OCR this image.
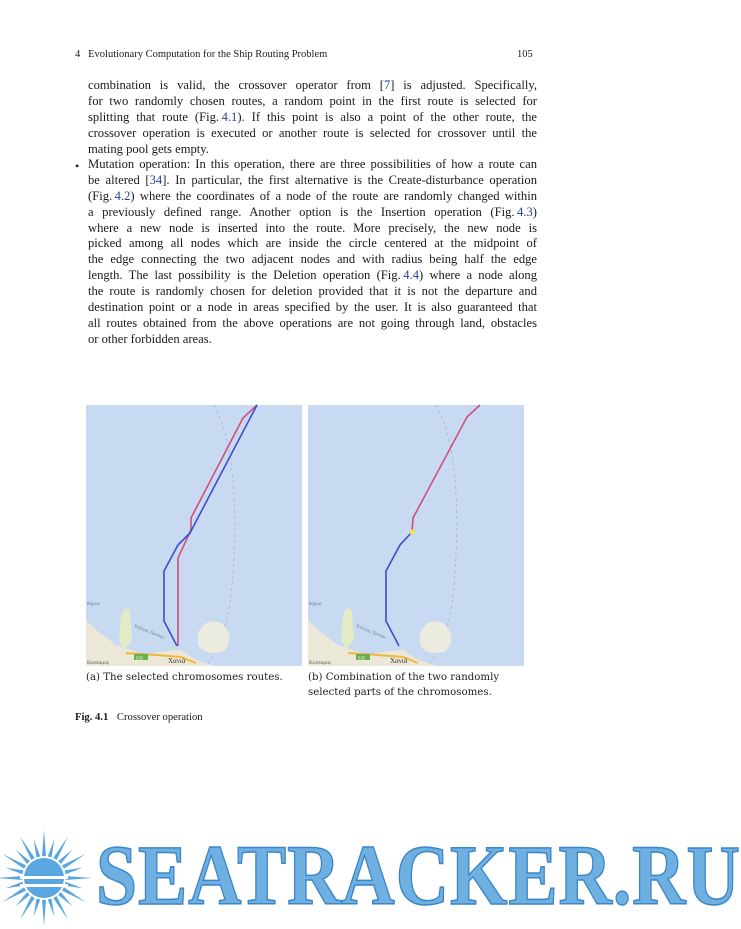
4 Evolutionary Computation for the Ship Routing Problem	105
combination is valid, the crossover operator from [7] is adjusted. Specifically,
for two randomly chosen routes, a random point in the first route is selected for
splitting that route (Fig. 4.1). If this point is also a point of the other route, the
crossover operation is executed or another route is selected for crossover until the
mating pool gets empty.
• Mutation operation: In this operation, there are three possibilities of how a route can
be altered [34]. In particular, the first alternative is the Create-disturbance operation
(Fig. 4.2) where the coordinates of a node of the route are randomly changed within
a previously defined range. Another option is the Insertion operation (Fig. 4.3)
where a new node is inserted into the route. More precisely, the new node is
picked among all nodes which are inside the circle centered at the midpoint of
the edge connecting the two adjacent nodes and with radius being half the edge
length. The last possibility is the Deletion operation (Fig. 4.4) where a node along
the route is randomly chosen for deletion provided that it is not the departure and
destination point or a node in areas specified by the user. It is also guaranteed that
all routes obtained from the above operations are not going through land, obstacles
or other forbidden areas.
E65	Χανιά
Κίσσαμος
θήρων
Κόλπος Χανίων
E65	Χανιά
Κίσσαμος
θήρων
Κόλπος Χανίων
(a) The selected chromosomes routes. (b) Combination of the two randomly
selected parts of the chromosomes.
Fig. 4.1 Crossover operation
SEATRACKER.RU
